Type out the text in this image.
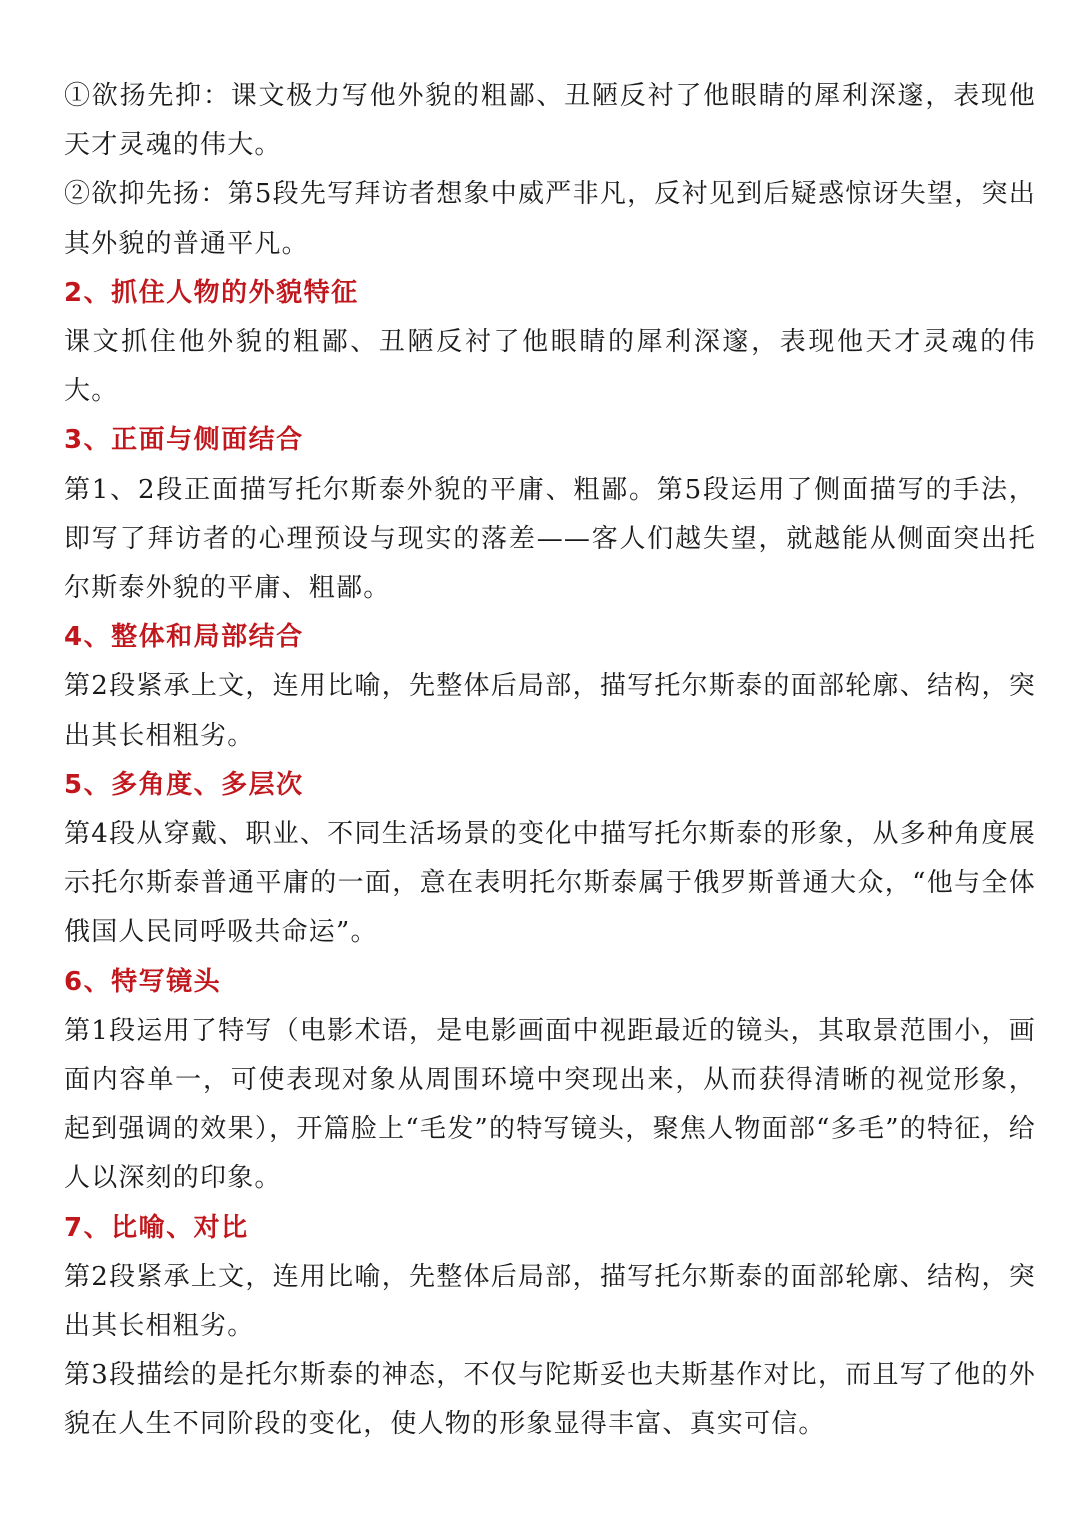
①欲扬先抑：课文极力写他外貌的粗鄙、丑陋反衬了他眼睛的犀利深邃，表现他天才灵魂的伟大。

②欲抑先扬：第5段先写拜访者想象中威严非凡，反衬见到后疑惑惊讶失望，突出其外貌的普通平凡。

2、抓住人物的外貌特征

课文抓住他外貌的粗鄙、丑陋反衬了他眼睛的犀利深邃，表现他天才灵魂的伟大。

3、正面与侧面结合

第1、2段正面描写托尔斯泰外貌的平庸、粗鄙。第5段运用了侧面描写的手法，即写了拜访者的心理预设与现实的落差——客人们越失望，就越能从侧面突出托尔斯泰外貌的平庸、粗鄙。

4、整体和局部结合

第2段紧承上文，连用比喻，先整体后局部，描写托尔斯泰的面部轮廓、结构，突出其长相粗劣。

5、多角度、多层次

第4段从穿戴、职业、不同生活场景的变化中描写托尔斯泰的形象，从多种角度展示托尔斯泰普通平庸的一面，意在表明托尔斯泰属于俄罗斯普通大众，“他与全体俄国人民同呼吸共命运”。

6、特写镜头

第1段运用了特写（电影术语，是电影画面中视距最近的镜头，其取景范围小，画面内容单一，可使表现对象从周围环境中突现出来，从而获得清晰的视觉形象，起到强调的效果），开篇脸上“毛发”的特写镜头，聚焦人物面部“多毛”的特征，给人以深刻的印象。

7、比喻、对比

第2段紧承上文，连用比喻，先整体后局部，描写托尔斯泰的面部轮廓、结构，突出其长相粗劣。

第3段描绘的是托尔斯泰的神态，不仅与陀斯妥也夫斯基作对比，而且写了他的外貌在人生不同阶段的变化，使人物的形象显得丰富、真实可信。
